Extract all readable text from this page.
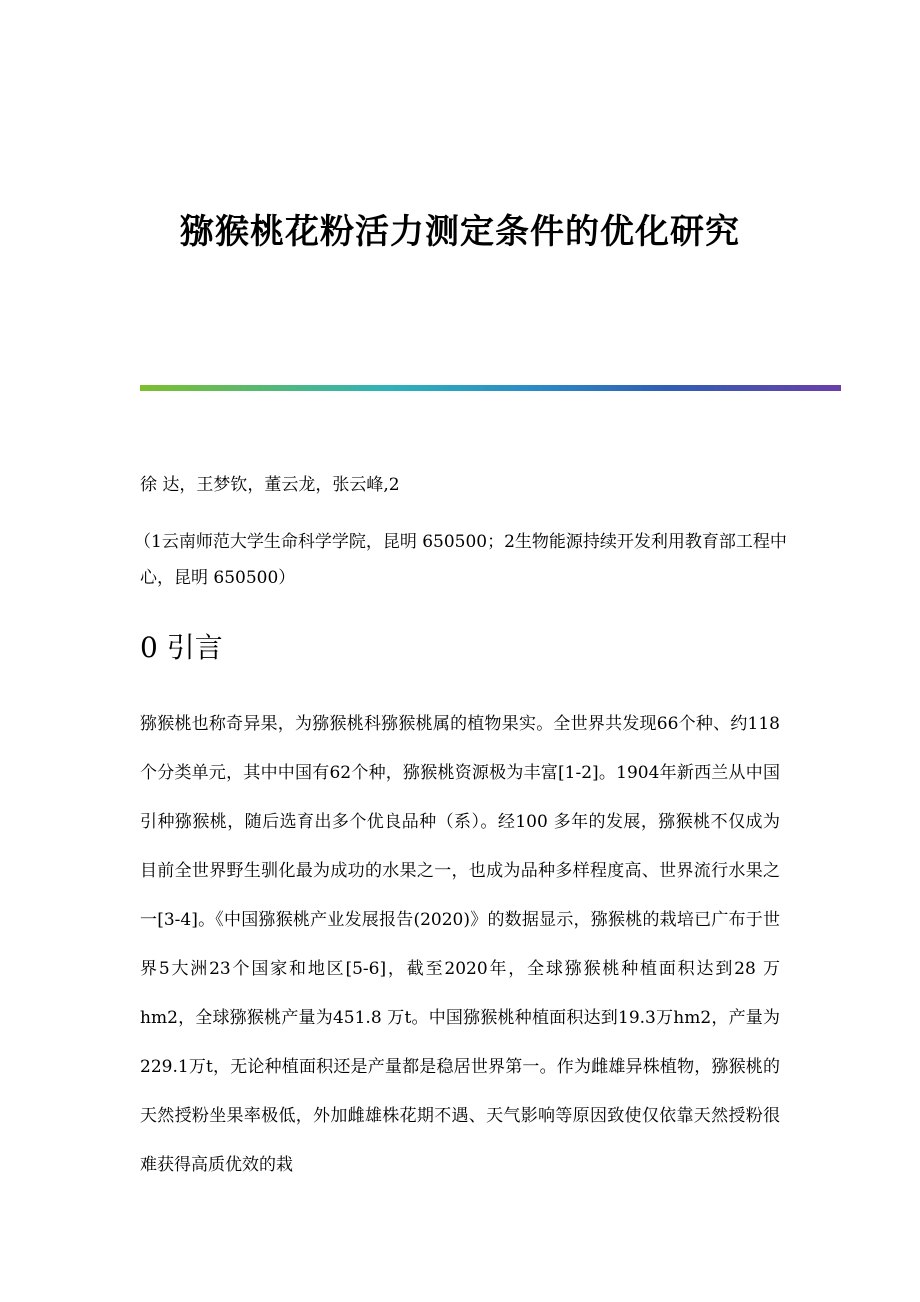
猕猴桃花粉活力测定条件的优化研究

徐 达，王梦钦，董云龙，张云峰,2

（1云南师范大学生命科学学院，昆明 650500；2生物能源持续开发利用教育部工程中心，昆明 650500）

0 引言

猕猴桃也称奇异果，为猕猴桃科猕猴桃属的植物果实。全世界共发现66个种、约118个分类单元，其中中国有62个种，猕猴桃资源极为丰富[1-2]。1904年新西兰从中国引种猕猴桃，随后选育出多个优良品种（系）。经100 多年的发展，猕猴桃不仅成为目前全世界野生驯化最为成功的水果之一，也成为品种多样程度高、世界流行水果之一[3-4]。《中国猕猴桃产业发展报告(2020)》的数据显示，猕猴桃的栽培已广布于世界5大洲23个国家和地区[5-6]，截至2020年，全球猕猴桃种植面积达到28 万hm2，全球猕猴桃产量为451.8 万t。中国猕猴桃种植面积达到19.3万hm2，产量为229.1万t，无论种植面积还是产量都是稳居世界第一。作为雌雄异株植物，猕猴桃的天然授粉坐果率极低，外加雌雄株花期不遇、天气影响等原因致使仅依靠天然授粉很难获得高质优效的栽
